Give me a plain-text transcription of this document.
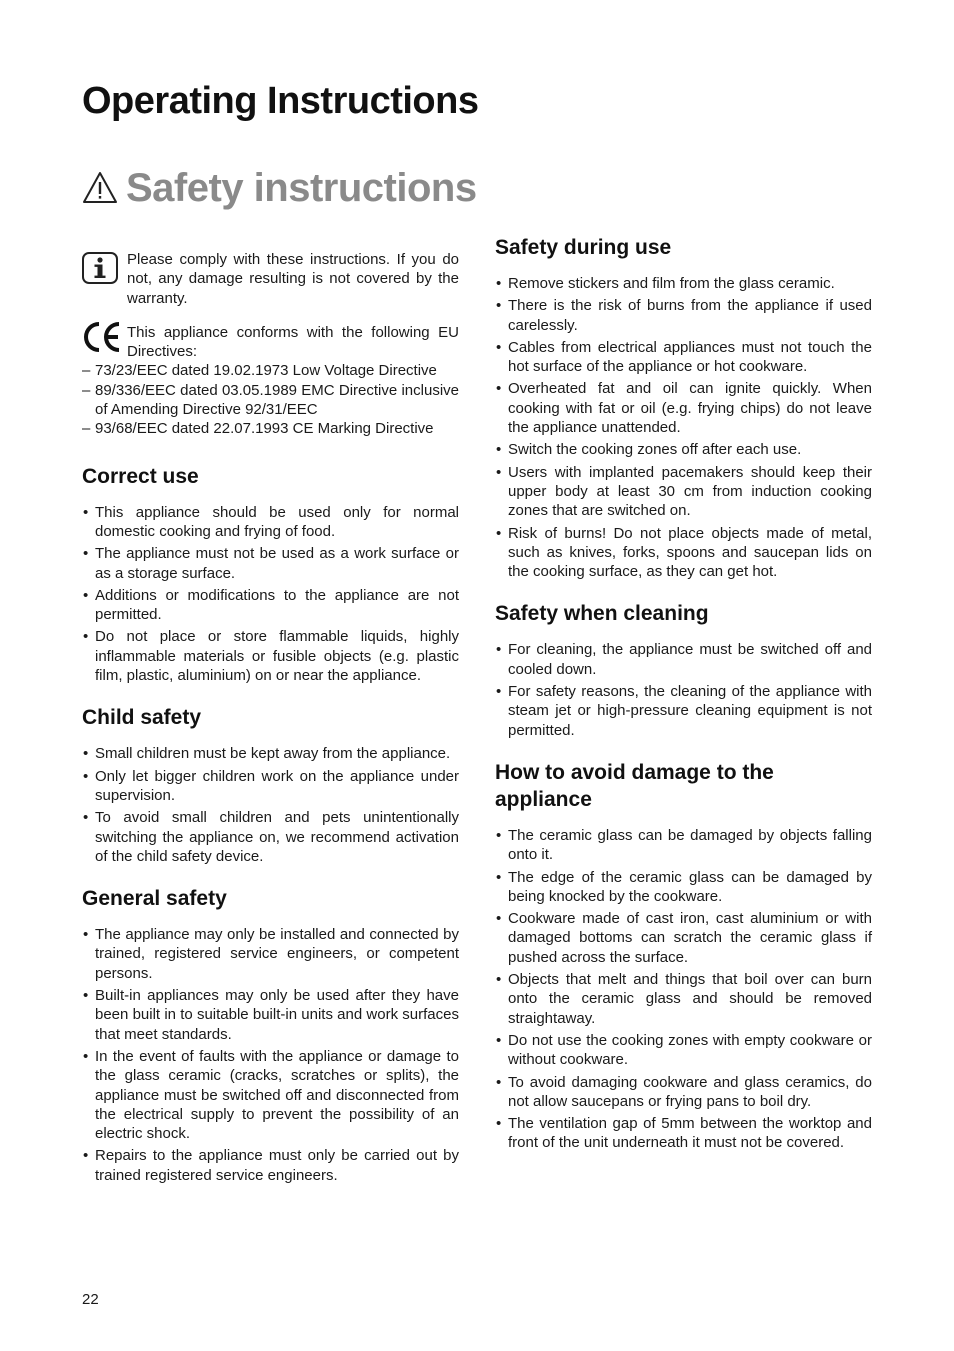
Operating Instructions
Safety instructions

Please comply with these instructions. If you do not, any damage resulting is not covered by the warranty.

This appliance conforms with the following EU Directives:

– 73/23/EEC dated 19.02.1973 Low Voltage Directive
– 89/336/EEC dated 03.05.1989 EMC Directive inclusive of Amending Directive 92/31/EEC
– 93/68/EEC dated 22.07.1993 CE Marking Directive
Correct use
• This appliance should be used only for normal domestic cooking and frying of food.
• The appliance must not be used as a work surface or as a storage surface.
• Additions or modifications to the appliance are not permitted.
• Do not place or store flammable liquids, highly inflammable materials or fusible objects (e.g. plastic film, plastic, aluminium) on or near the appliance.
Child safety
• Small children must be kept away from the appliance.
• Only let bigger children work on the appliance under supervision.
• To avoid small children and pets unintentionally switching the appliance on, we recommend activation of the child safety device.
General safety
• The appliance may only be installed and connected by trained, registered service engineers, or competent persons.
• Built-in appliances may only be used after they have been built in to suitable built-in units and work surfaces that meet standards.
• In the event of faults with the appliance or damage to the glass ceramic (cracks, scratches or splits), the appliance must be switched off and disconnected from the electrical supply to prevent the possibility of an electric shock.
• Repairs to the appliance must only be carried out by trained registered service engineers.
Safety during use
• Remove stickers and film from the glass ceramic.
• There is the risk of burns from the appliance if used carelessly.
• Cables from electrical appliances must not touch the hot surface of the appliance or hot cookware.
• Overheated fat and oil can ignite quickly. When cooking with fat or oil (e.g. frying chips) do not leave the appliance unattended.
• Switch the cooking zones off after each use.
• Users with implanted pacemakers should keep their upper body at least 30 cm from induction cooking zones that are switched on.
• Risk of burns! Do not place objects made of metal, such as knives, forks, spoons and saucepan lids on the cooking surface, as they can get hot.
Safety when cleaning
• For cleaning, the appliance must be switched off and cooled down.
• For safety reasons, the cleaning of the appliance with steam jet or high-pressure cleaning equipment is not permitted.
How to avoid damage to the appliance
• The ceramic glass can be damaged by objects falling onto it.
• The edge of the ceramic glass can be damaged by being knocked by the cookware.
• Cookware made of cast iron, cast aluminium or with damaged bottoms can scratch the ceramic glass if pushed across the surface.
• Objects that melt and things that boil over can burn onto the ceramic glass and should be removed straightaway.
• Do not use the cooking zones with empty cookware or without cookware.
• To avoid damaging cookware and glass ceramics, do not allow saucepans or frying pans to boil dry.
• The ventilation gap of 5mm between the worktop and front of the unit underneath it must not be covered.
22
